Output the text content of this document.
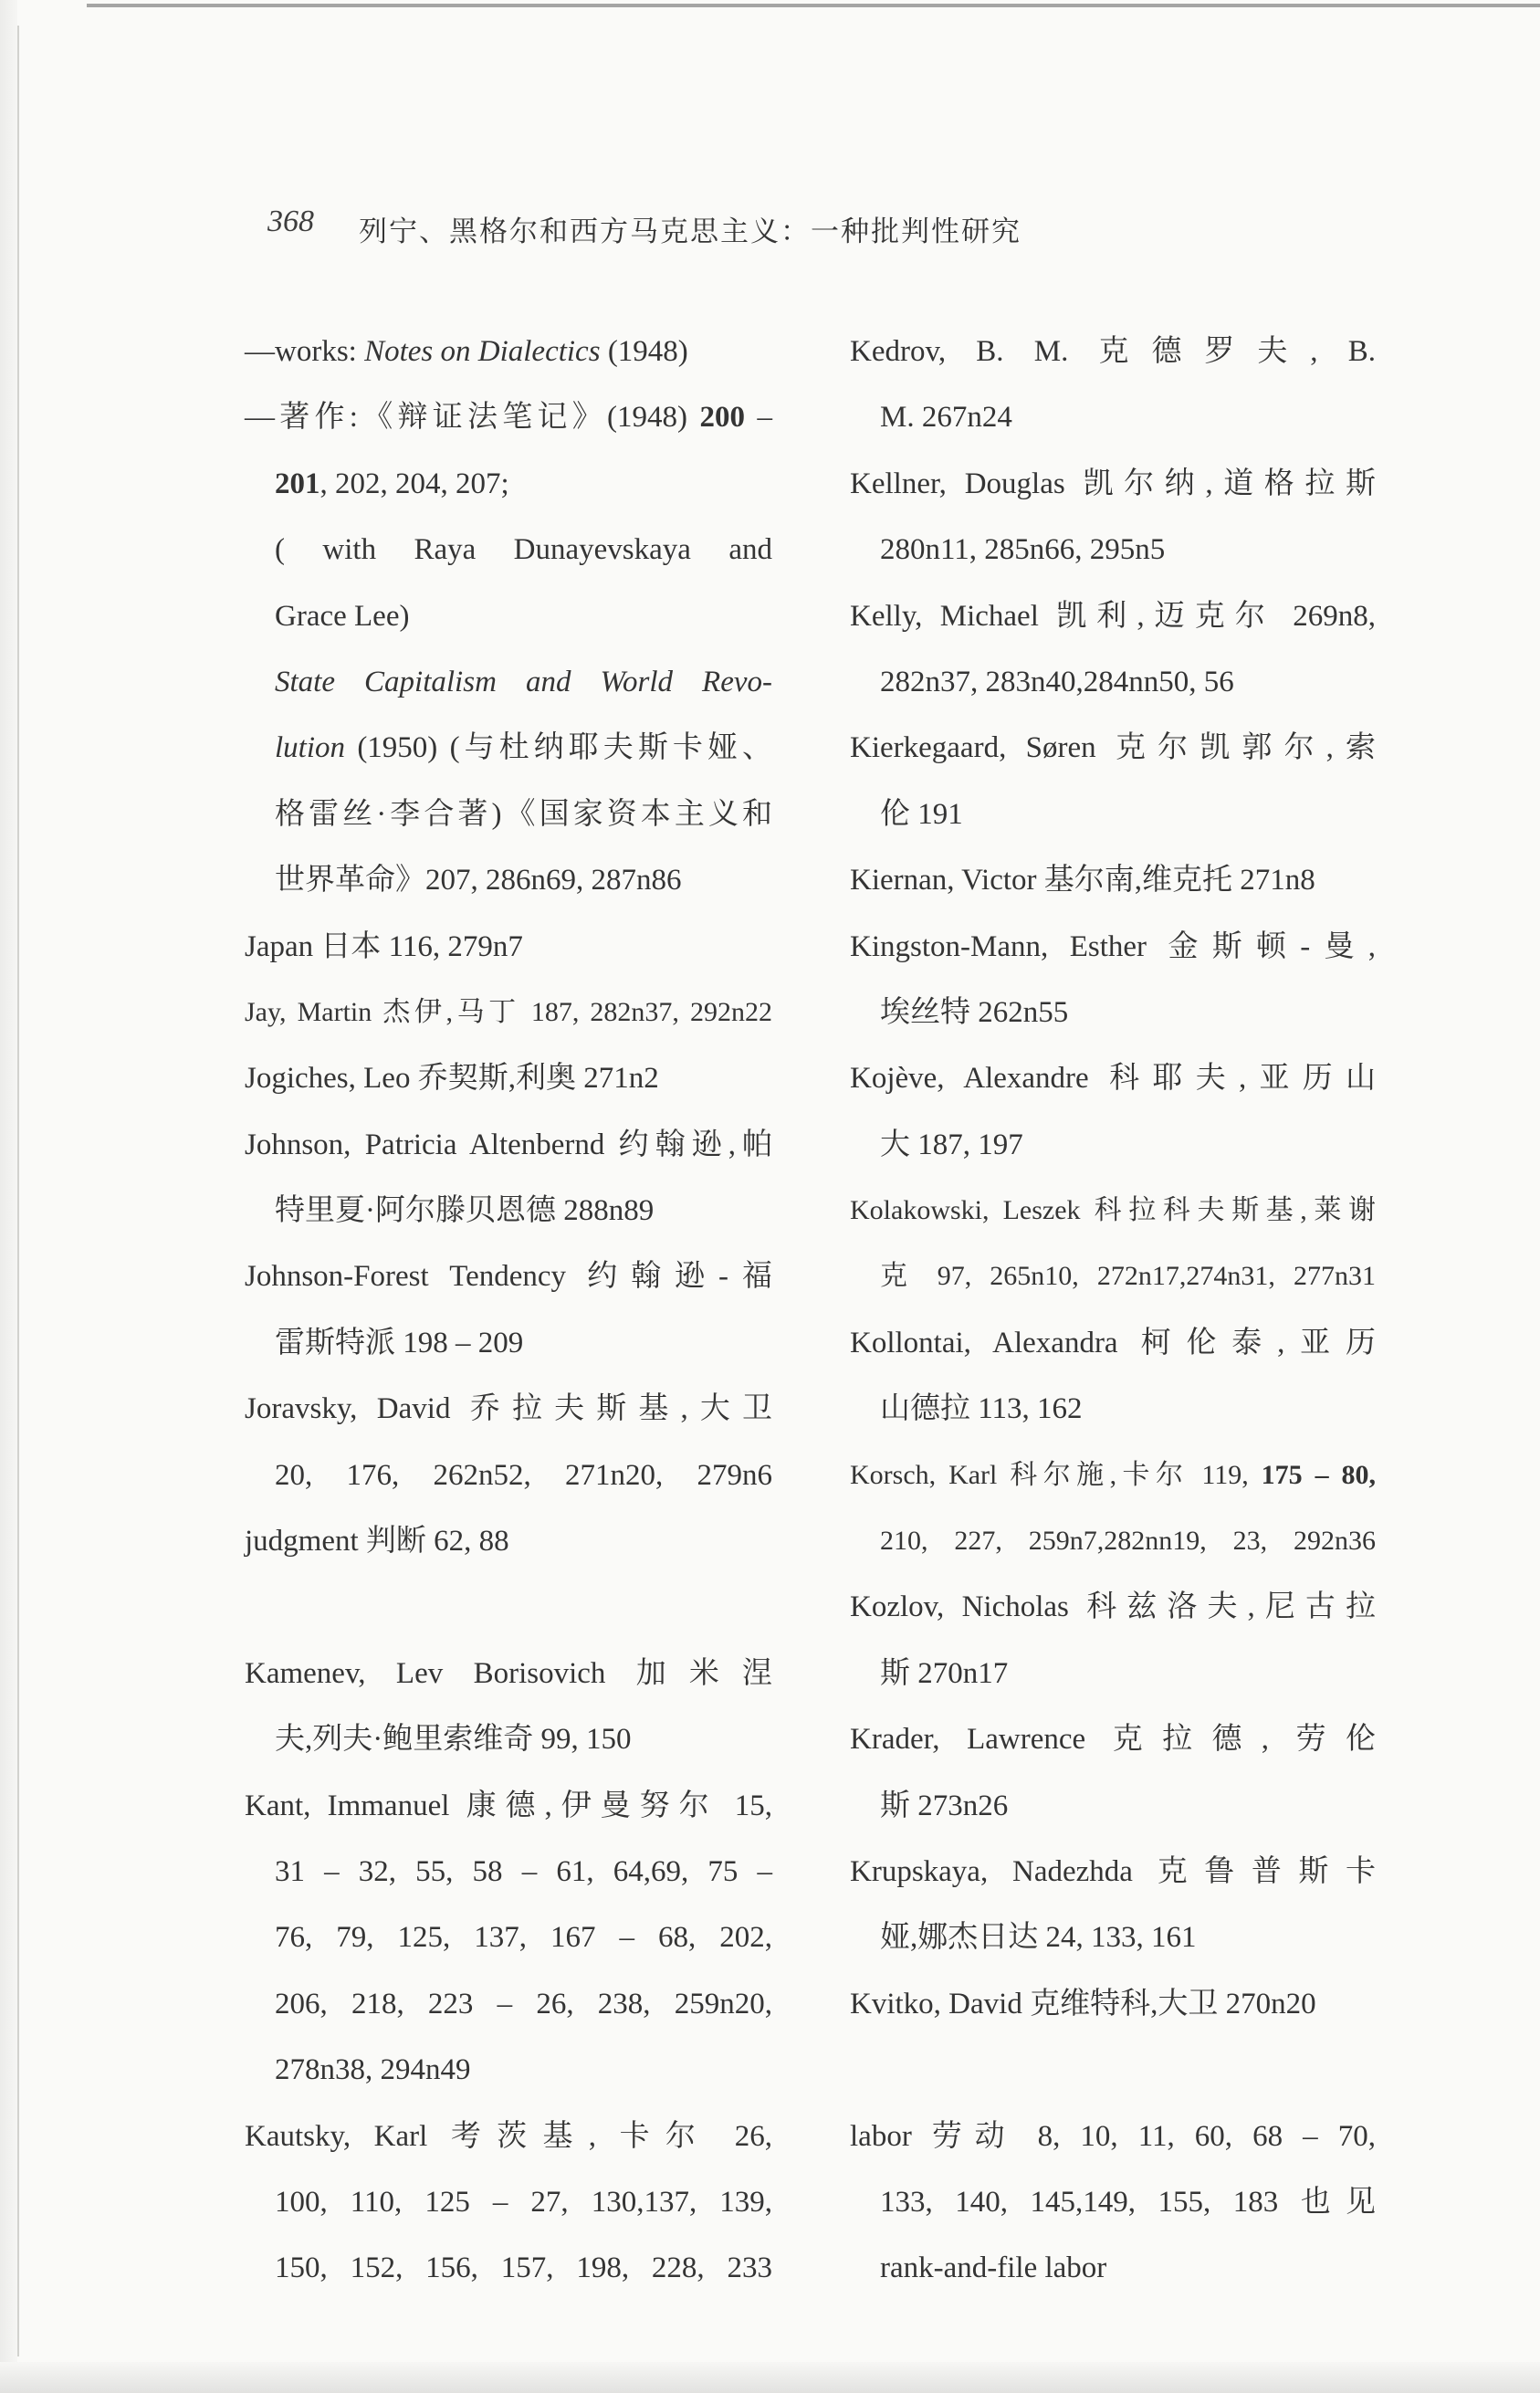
368 列宁、黑格尔和西方马克思主义：一种批判性研究
—works: Notes on Dialectics (1948)
—著作:《辩证法笔记》(1948) 200 –
201, 202, 204, 207;
( with Raya Dunayevskaya and
Grace Lee)
State Capitalism and World Revo-
lution (1950) (与杜纳耶夫斯卡娅、
格雷丝·李合著)《国家资本主义和
世界革命》207, 286n69, 287n86
Japan 日本 116, 279n7
Jay, Martin 杰伊,马丁 187, 282n37, 292n22
Jogiches, Leo 乔契斯,利奥 271n2
Johnson, Patricia Altenbernd 约翰逊,帕
特里夏·阿尔滕贝恩德 288n89
Johnson-Forest Tendency 约翰逊-福
雷斯特派 198 – 209
Joravsky, David 乔拉夫斯基,大卫
20, 176, 262n52, 271n20, 279n6
judgment 判断 62, 88
Kamenev, Lev Borisovich 加米涅
夫,列夫·鲍里索维奇 99, 150
Kant, Immanuel 康德,伊曼努尔 15,
31 – 32, 55, 58 – 61, 64,69, 75 –
76, 79, 125, 137, 167 – 68, 202,
206, 218, 223 – 26, 238, 259n20,
278n38, 294n49
Kautsky, Karl 考茨基, 卡尔 26,
100, 110, 125 – 27, 130,137, 139,
150, 152, 156, 157, 198, 228, 233
Kedrov, B. M. 克德罗夫, B.
M. 267n24
Kellner, Douglas 凯尔纳,道格拉斯
280n11, 285n66, 295n5
Kelly, Michael 凯利,迈克尔 269n8,
282n37, 283n40,284nn50, 56
Kierkegaard, Søren 克尔凯郭尔,索
伦 191
Kiernan, Victor 基尔南,维克托 271n8
Kingston-Mann, Esther 金斯顿-曼,
埃丝特 262n55
Kojève, Alexandre 科耶夫,亚历山
大 187, 197
Kolakowski, Leszek 科拉科夫斯基,莱谢
克 97, 265n10, 272n17,274n31, 277n31
Kollontai, Alexandra 柯伦泰,亚历
山德拉 113, 162
Korsch, Karl 科尔施,卡尔 119, 175 – 80,
210, 227, 259n7,282nn19, 23, 292n36
Kozlov, Nicholas 科兹洛夫,尼古拉
斯 270n17
Krader, Lawrence 克拉德, 劳伦
斯 273n26
Krupskaya, Nadezhda 克鲁普斯卡
娅,娜杰日达 24, 133, 161
Kvitko, David 克维特科,大卫 270n20
labor 劳动 8, 10, 11, 60, 68 – 70,
133, 140, 145,149, 155, 183 也见
rank-and-file labor
